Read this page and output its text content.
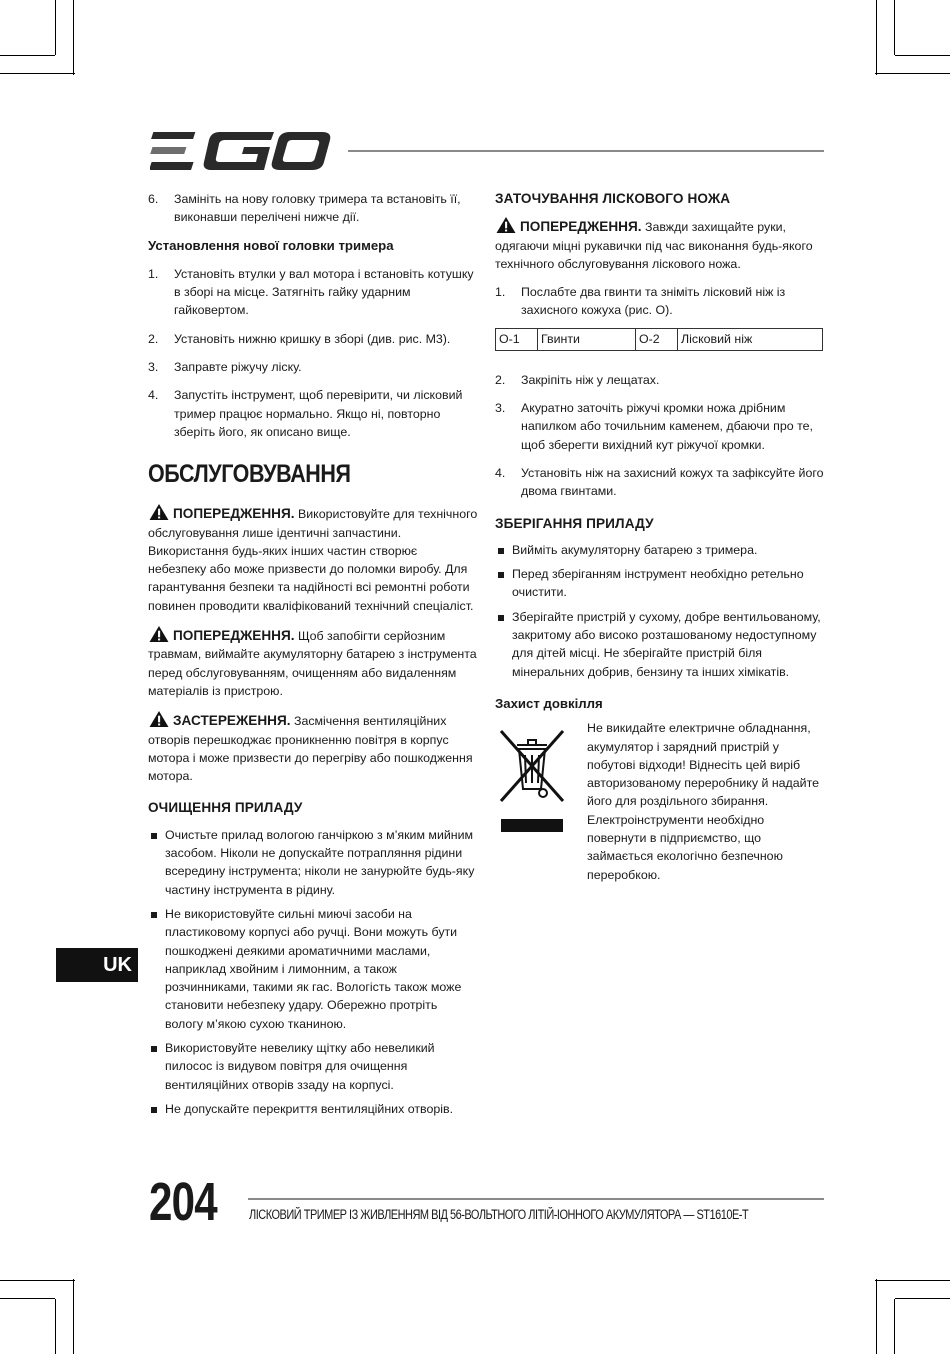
6. Замініть на нову головку тримера та встановіть її, виконавши перелічені нижче дії.
Установлення нової головки тримера
1. Установіть втулки у вал мотора і встановіть котушку в зборі на місце. Затягніть гайку ударним гайковертом.
2. Установіть нижню кришку в зборі (див. рис. M3).
3. Заправте ріжучу ліску.
4. Запустіть інструмент, щоб перевірити, чи лісковий тример працює нормально. Якщо ні, повторно зберіть його, як описано вище.
ОБСЛУГОВУВАННЯ

ПОПЕРЕДЖЕННЯ. Використовуйте для технічного обслуговування лише ідентичні запчастини. Використання будь-яких інших частин створює небезпеку або може призвести до поломки виробу. Для гарантування безпеки та надійності всі ремонтні роботи повинен проводити кваліфікований технічний спеціаліст.

ПОПЕРЕДЖЕННЯ. Щоб запобігти серйозним травмам, виймайте акумуляторну батарею з інструмента перед обслуговуванням, очищенням або видаленням матеріалів із пристрою.

ЗАСТЕРЕЖЕННЯ. Засмічення вентиляційних отворів перешкоджає проникненню повітря в корпус мотора і може призвести до перегріву або пошкодження мотора.

ОЧИЩЕННЯ ПРИЛАДУ
Очистьте прилад вологою ганчіркою з м’яким мийним засобом. Ніколи не допускайте потрапляння рідини всередину інструмента; ніколи не занурюйте будь-яку частину інструмента в рідину.
Не використовуйте сильні миючі засоби на пластиковому корпусі або ручці. Вони можуть бути пошкоджені деякими ароматичними маслами, наприклад хвойним і лимонним, а також розчинниками, такими як гас. Вологість також може становити небезпеку удару. Обережно протріть вологу м’якою сухою тканиною.
Використовуйте невелику щітку або невеликий пилосос із видувом повітря для очищення вентиляційних отворів ззаду на корпусі.
Не допускайте перекриття вентиляційних отворів.
ЗАТОЧУВАННЯ ЛІСКОВОГО НОЖА

ПОПЕРЕДЖЕННЯ. Завжди захищайте руки, одягаючи міцні рукавички під час виконання будь-якого технічного обслуговування ліскового ножа.

1. Послабте два гвинти та зніміть лісковий ніж із захисного кожуха (рис. O).
O-1	Гвинти	O-2	Лісковий ніж
2. Закріпіть ніж у лещатах.
3. Акуратно заточіть ріжучі кромки ножа дрібним напилком або точильним каменем, дбаючи про те, щоб зберегти вихідний кут ріжучої кромки.
4. Установіть ніж на захисний кожух та зафіксуйте його двома гвинтами.
ЗБЕРІГАННЯ ПРИЛАДУ
Вийміть акумуляторну батарею з тримера.
Перед зберіганням інструмент необхідно ретельно очистити.
Зберігайте пристрій у сухому, добре вентильованому, закритому або високо розташованому недоступному для дітей місці. Не зберігайте пристрій біля мінеральних добрив, бензину та інших хімікатів.
Захист довкілля

Не викидайте електричне обладнання, акумулятор і зарядний пристрій у побутові відходи! Віднесіть цей виріб авторизованому переробнику й надайте його для роздільного збирання. Електроінструменти необхідно повернути в підприємство, що займається екологічно безпечною переробкою.

UK
204 ЛІСКОВИЙ ТРИМЕР ІЗ ЖИВЛЕННЯМ ВІД 56-ВОЛЬТНОГО ЛІТІЙ-ІОННОГО АКУМУЛЯТОРА — ST1610E-T
